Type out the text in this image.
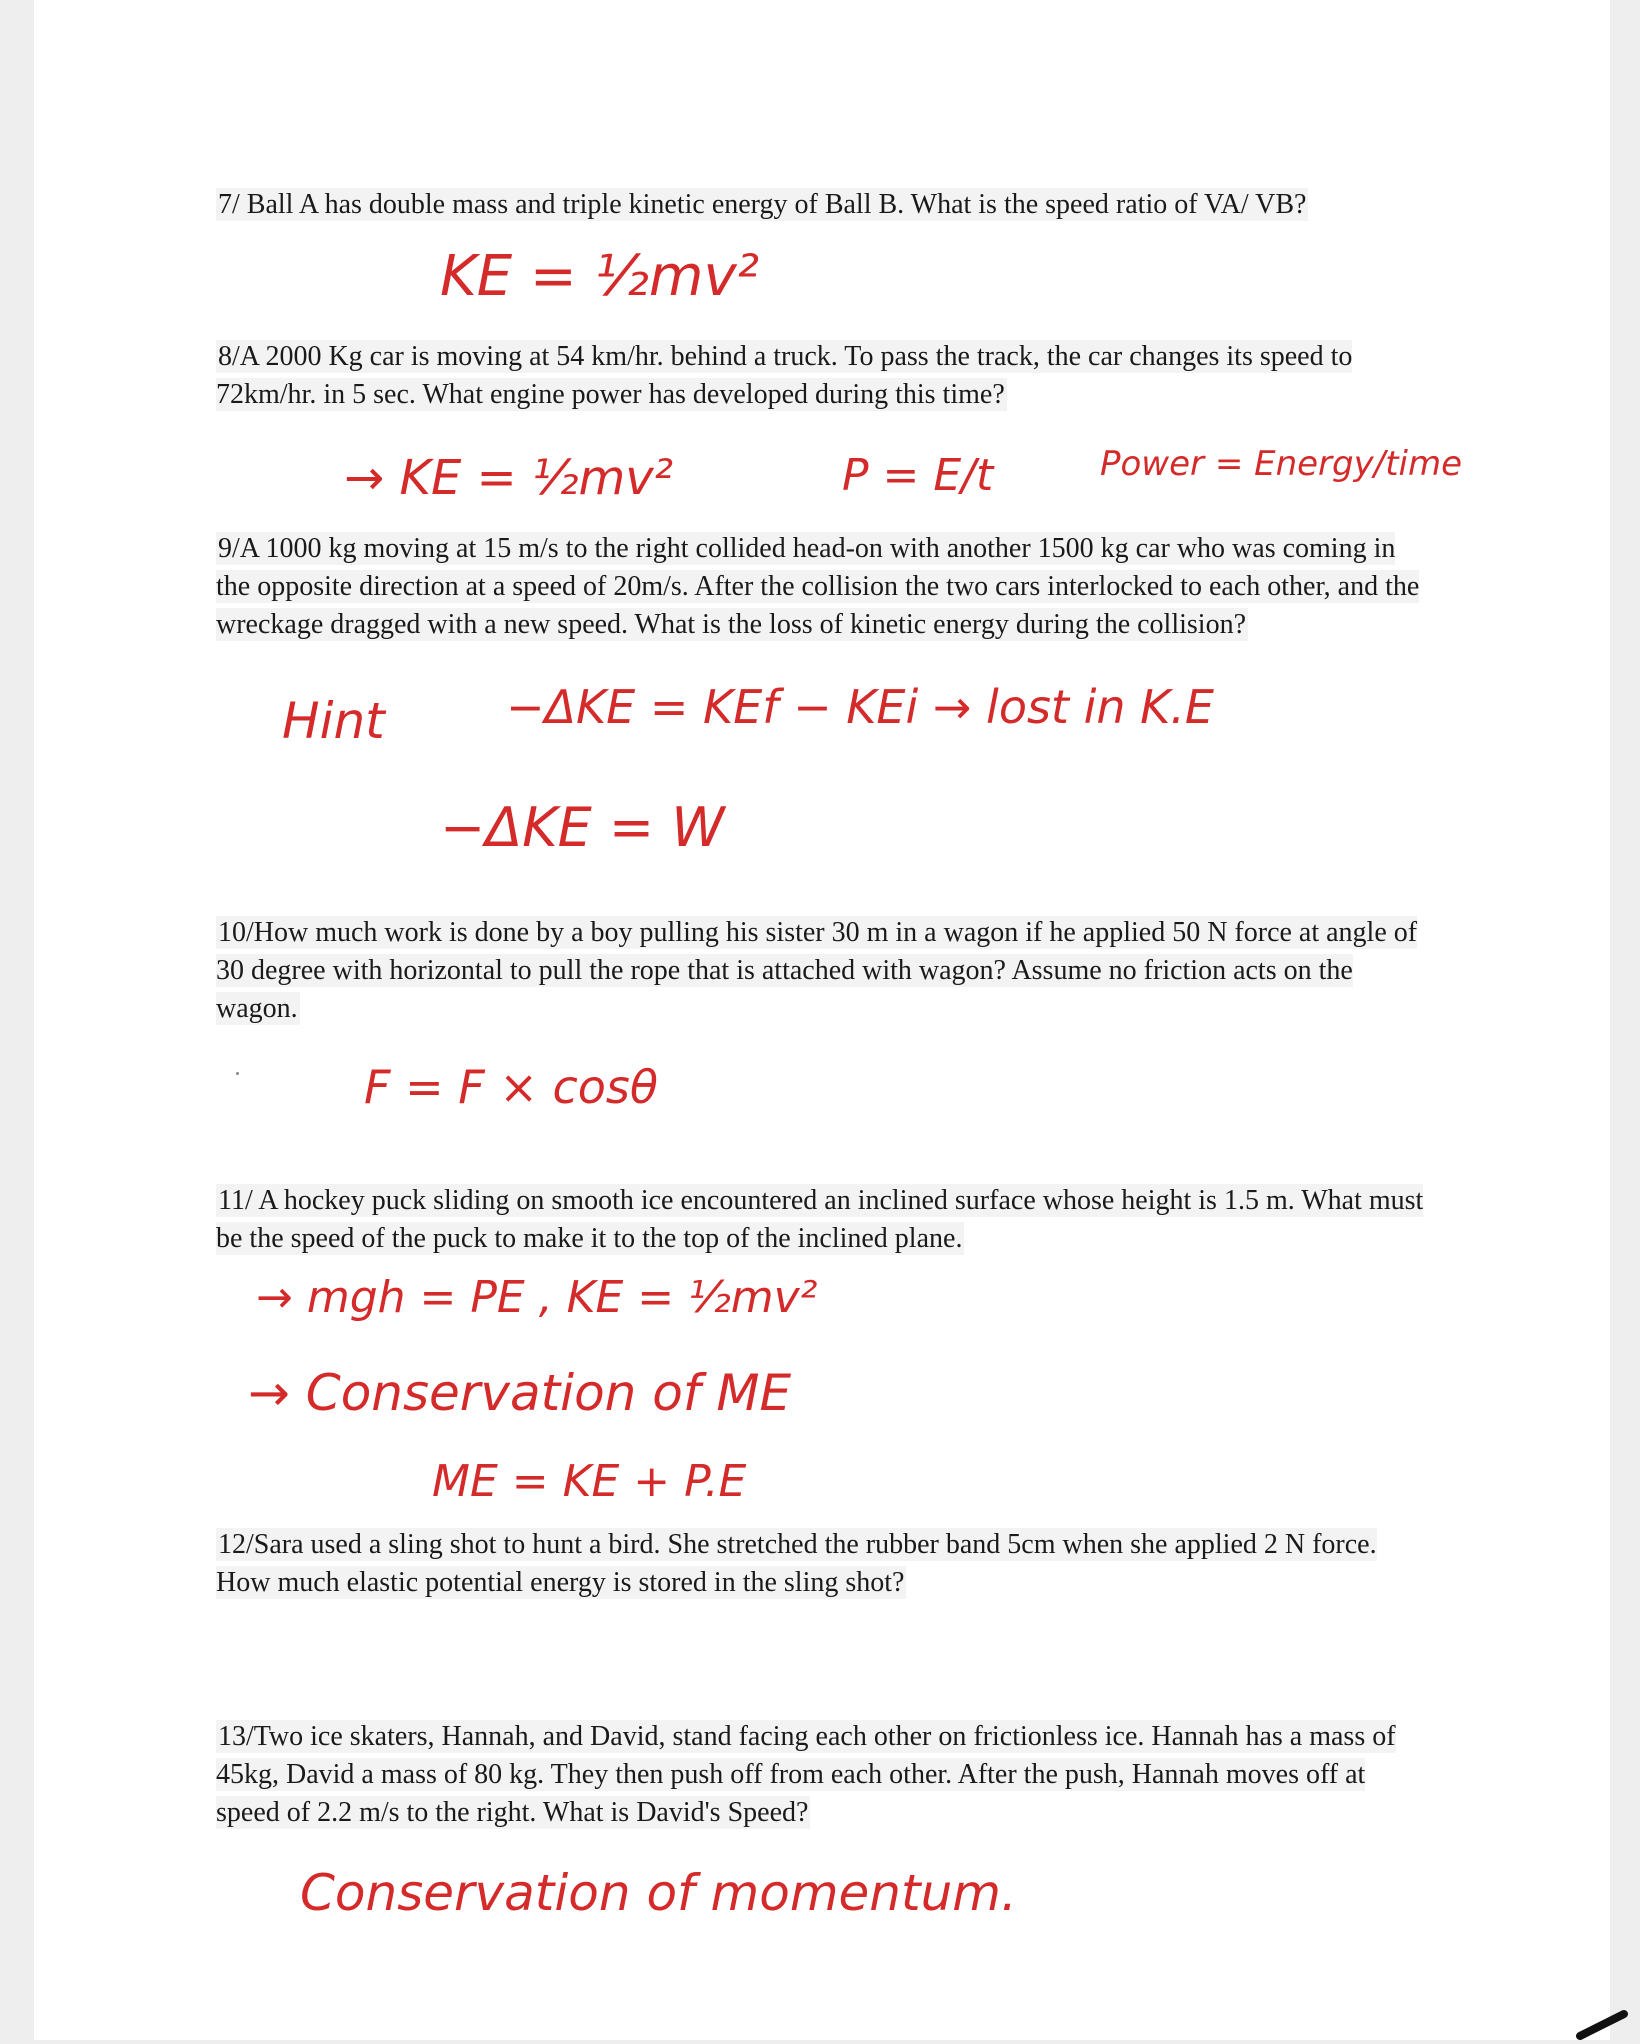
7/ Ball A has double mass and triple kinetic energy of Ball B. What is the speed ratio of VA/ VB?
8/A 2000 Kg car is moving at 54 km/hr. behind a truck. To pass the track, the car changes its speed to 72km/hr. in 5 sec. What engine power has developed during this time?
9/A 1000 kg moving at 15 m/s to the right collided head-on with another 1500 kg car who was coming in the opposite direction at a speed of 20m/s. After the collision the two cars interlocked to each other, and the wreckage dragged with a new speed. What is the loss of kinetic energy during the collision?
10/How much work is done by a boy pulling his sister 30 m in a wagon if he applied 50 N force at angle of 30 degree with horizontal to pull the rope that is attached with wagon? Assume no friction acts on the wagon.
11/ A hockey puck sliding on smooth ice encountered an inclined surface whose height is 1.5 m. What must be the speed of the puck to make it to the top of the inclined plane.
12/Sara used a sling shot to hunt a bird. She stretched the rubber band 5cm when she applied 2 N force. How much elastic potential energy is stored in the sling shot?
13/Two ice skaters, Hannah, and David, stand facing each other on frictionless ice. Hannah has a mass of 45kg, David a mass of 80 kg. They then push off from each other. After the push, Hannah moves off at speed of 2.2 m/s to the right. What is David's Speed?
KE = ½mv²
→ KE = ½mv²	P = E/t	Power = Energy/time
Hint	−ΔKE = KEf − KEi → lost in K.E
−ΔKE = W
F = F × cosθ
→ mgh = PE , KE = ½mv²
→ Conservation of ME
ME = KE + P.E
Conservation of momentum.
